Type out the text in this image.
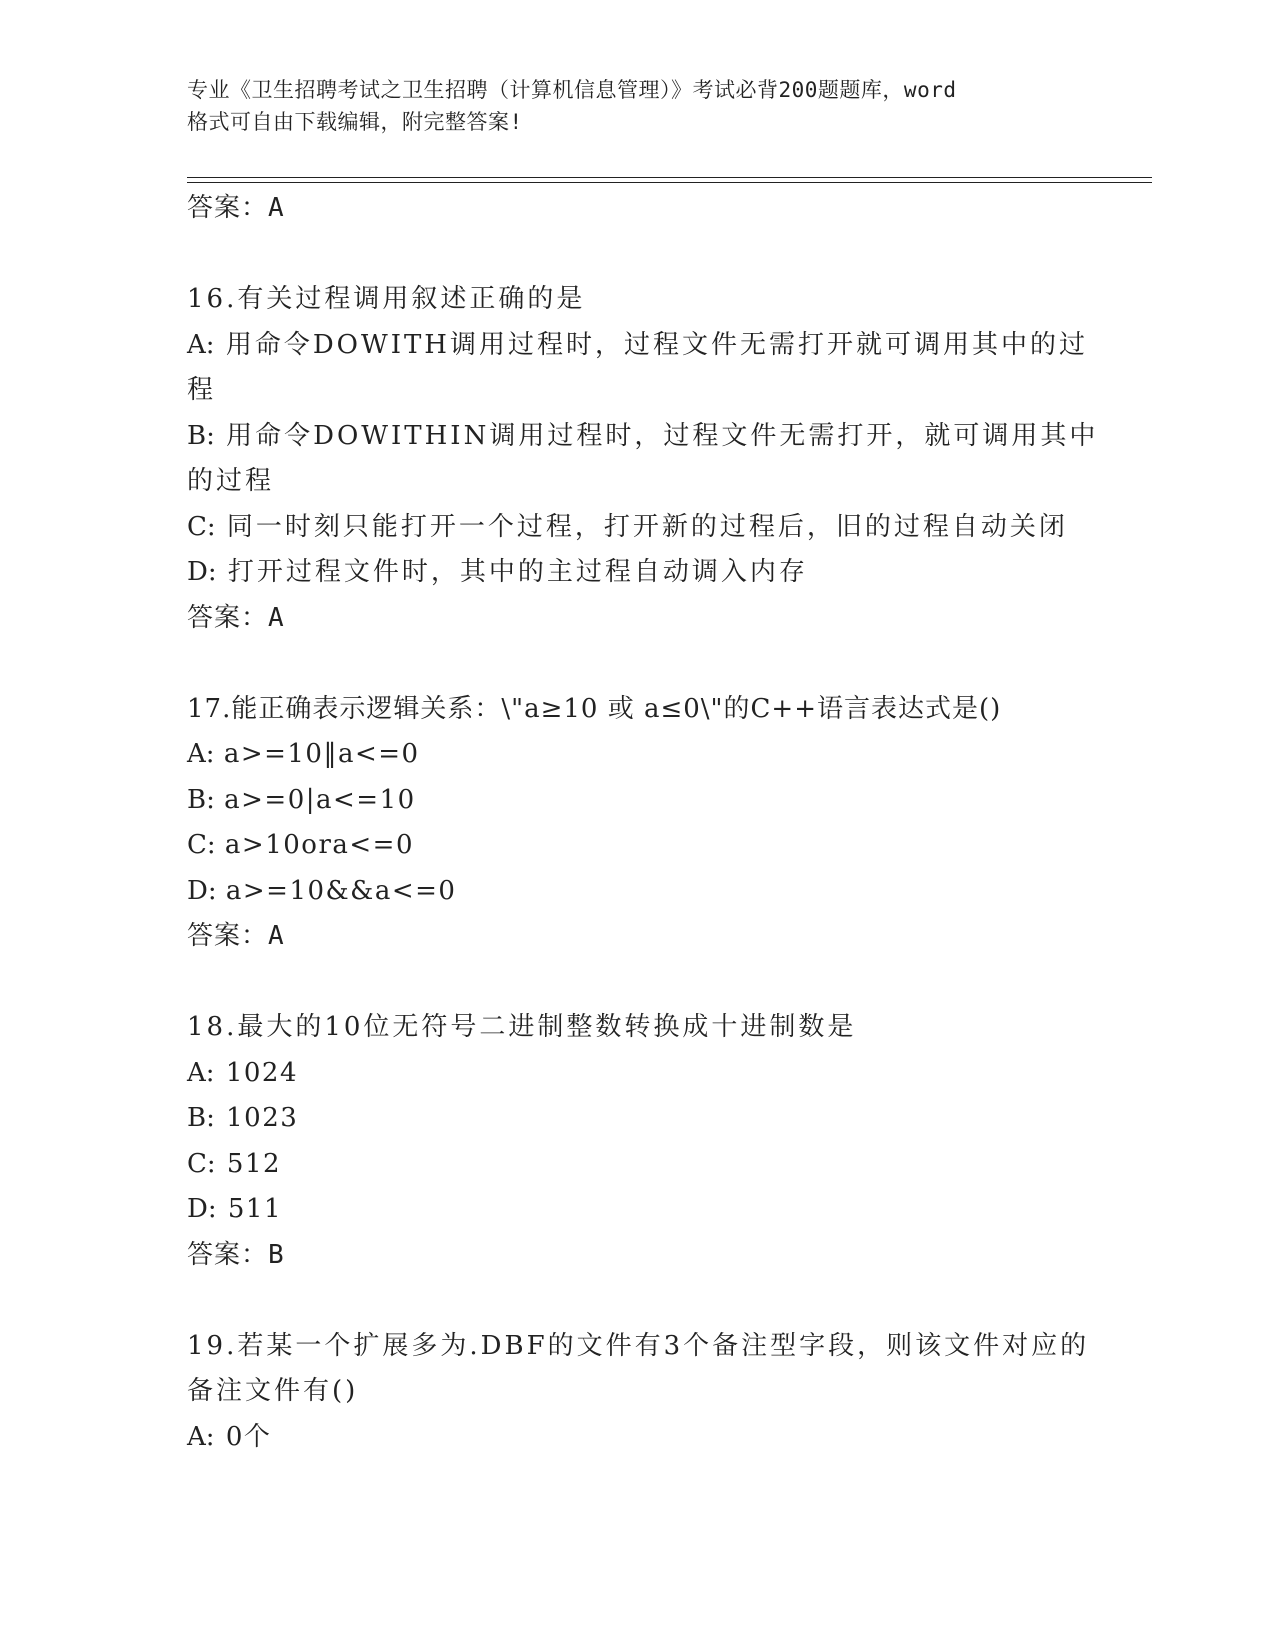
专业《卫生招聘考试之卫生招聘（计算机信息管理）》考试必背200题题库，word
格式可自由下载编辑，附完整答案!
答案：A
16.有关过程调用叙述正确的是
A: 用命令DOWITH调用过程时，过程文件无需打开就可调用其中的过
程
B: 用命令DOWITHIN调用过程时，过程文件无需打开，就可调用其中
的过程
C: 同一时刻只能打开一个过程，打开新的过程后，旧的过程自动关闭
D: 打开过程文件时，其中的主过程自动调入内存
答案：A
17.能正确表示逻辑关系：\"a≥10 或 a≤0\"的C++语言表达式是()
A: a>=10‖a<=0
B: a>=0|a<=10
C: a>10ora<=0
D: a>=10&&a<=0
答案：A
18.最大的10位无符号二进制整数转换成十进制数是
A: 1024
B: 1023
C: 512
D: 511
答案：B
19.若某一个扩展多为.DBF的文件有3个备注型字段，则该文件对应的
备注文件有()
A: 0个
